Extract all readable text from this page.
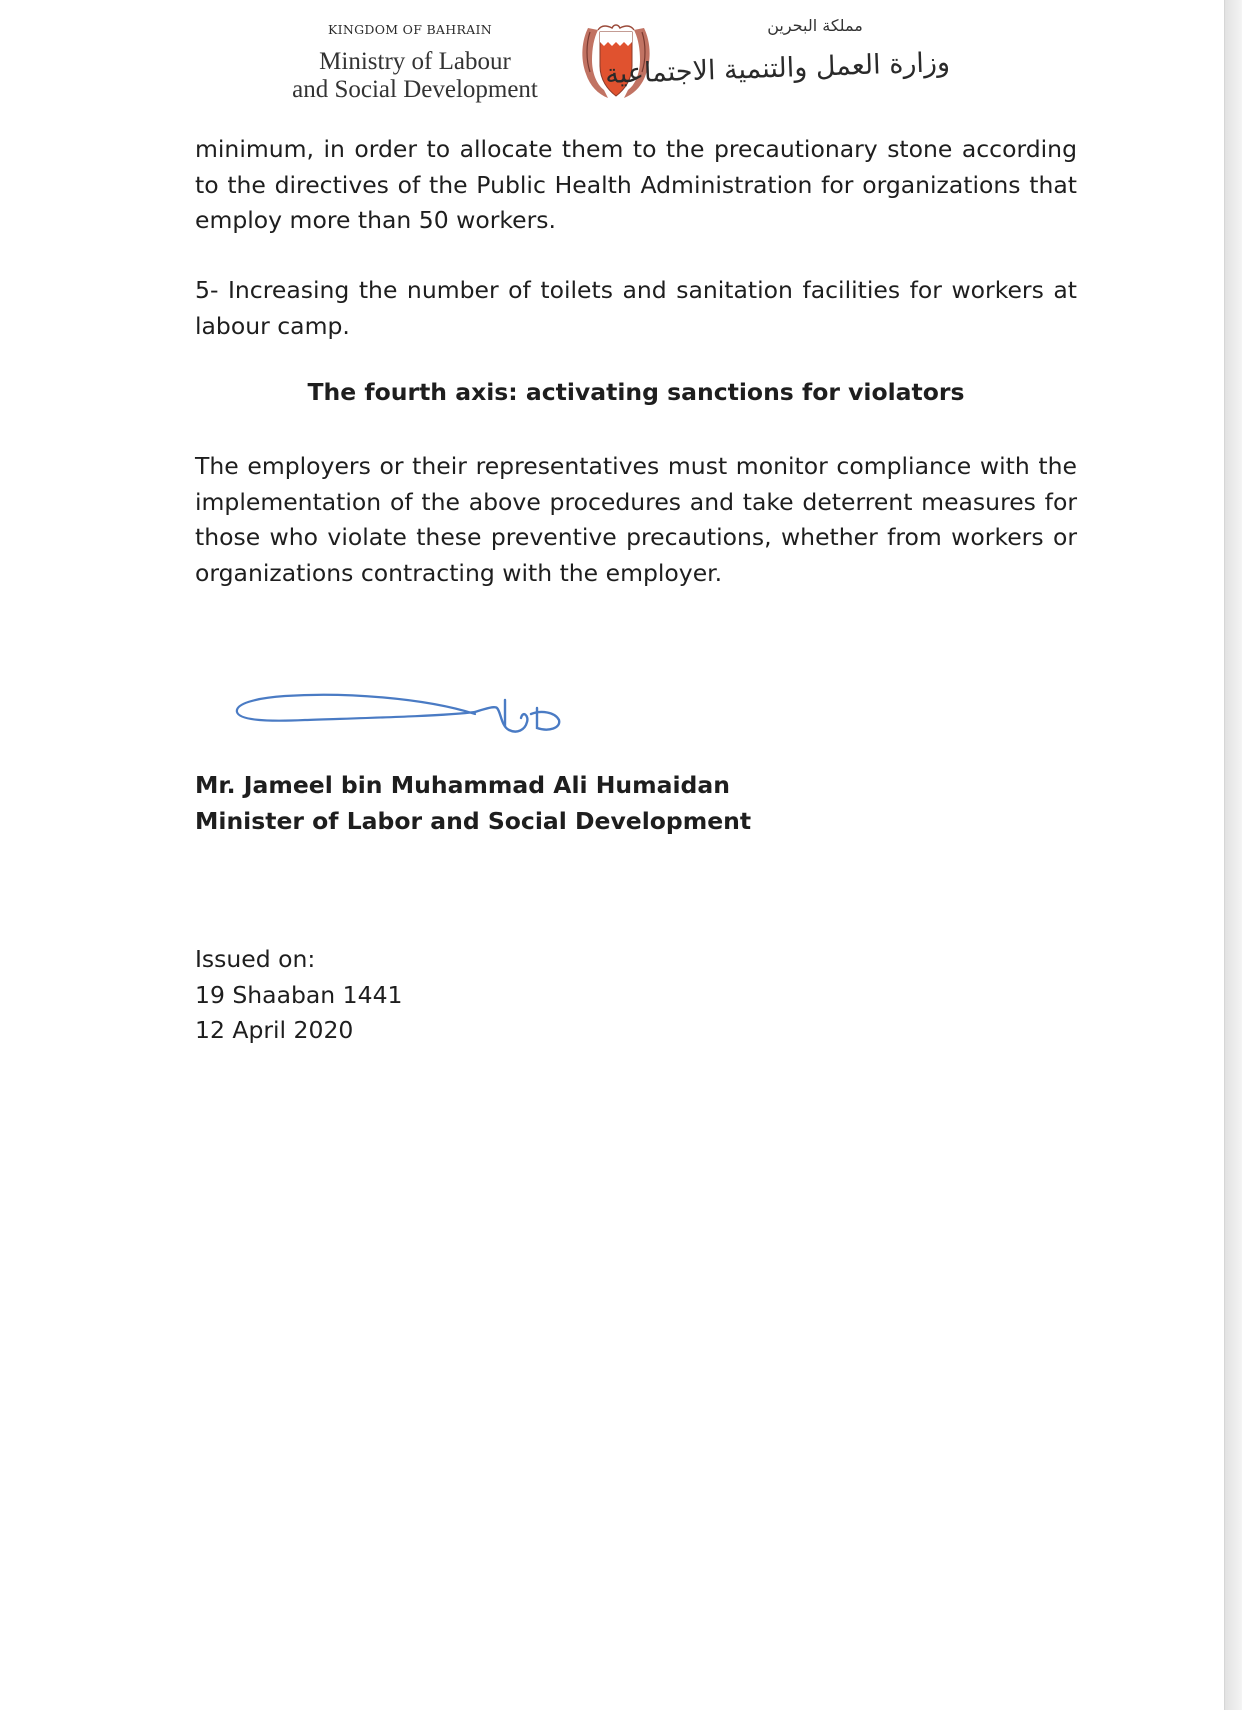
KINGDOM OF BAHRAIN
Ministry of Labour
and Social Development
مملكة البحرين
وزارة العمل والتنمية الاجتماعية
minimum, in order to allocate them to the precautionary stone according to the directives of the Public Health Administration for organizations that employ more than 50 workers.
5- Increasing the number of toilets and sanitation facilities for workers at labour camp.
The fourth axis: activating sanctions for violators
The employers or their representatives must monitor compliance with the implementation of the above procedures and take deterrent measures for those who violate these preventive precautions, whether from workers or organizations contracting with the employer.
Mr. Jameel bin Muhammad Ali Humaidan
Minister of Labor and Social Development
Issued on:
19 Shaaban 1441
12 April 2020
